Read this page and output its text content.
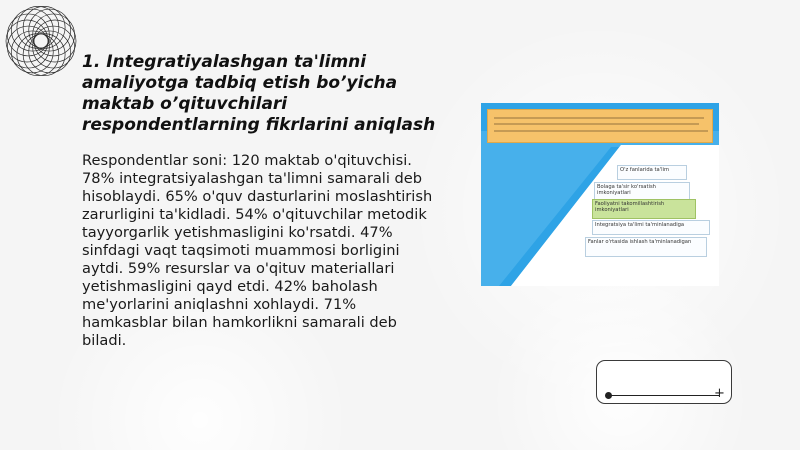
1. Integratiyalashgan ta'limni amaliyotga tadbiq etish bo’yicha maktab o’qituvchilari respondentlarning fikrlarini aniqlash

Respondentlar soni: 120 maktab o'qituvchisi. 78% integratsiyalashgan ta'limni samarali deb hisoblaydi. 65% o'quv dasturlarini moslashtirish zarurligini ta'kidladi. 54% o'qituvchilar metodik tayyorgarlik yetishmasligini ko'rsatdi. 47% sinfdagi vaqt taqsimoti muammosi borligini aytdi. 59% resurslar va o'qituv materiallari yetishmasligini qayd etdi. 42% baholash me'yorlarini aniqlashni xohlaydi. 71% hamkasblar bilan hamkorlikni samarali deb biladi.

O'z fanlarida ta'lim
Bolaga ta'sir ko'rsatish imkoniyatlari
Faoliyatni takomillashtirish imkoniyatlari
Integratsiya ta'limi ta'minlanadiga
Fanlar o'rtasida ishlash ta'minlanadigan
+
